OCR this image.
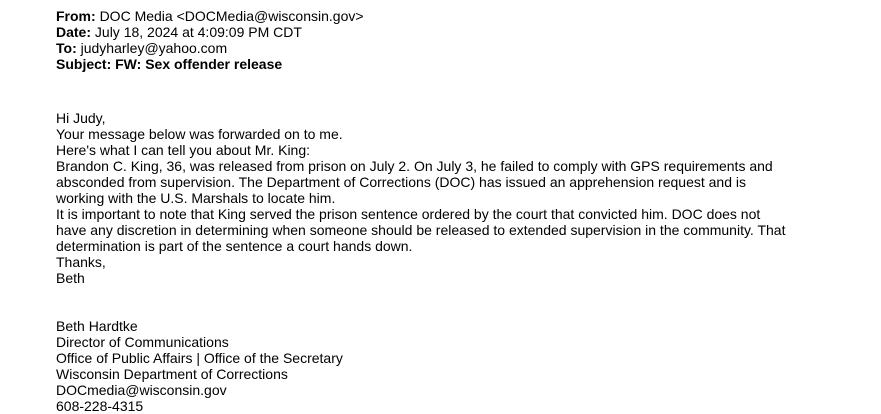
From: DOC Media <DOCMedia@wisconsin.gov>
Date: July 18, 2024 at 4:09:09 PM CDT
To: judyharley@yahoo.com
Subject: FW: Sex offender release
Hi Judy,
Your message below was forwarded on to me.
Here's what I can tell you about Mr. King:
Brandon C. King, 36, was released from prison on July 2. On July 3, he failed to comply with GPS requirements and
absconded from supervision. The Department of Corrections (DOC) has issued an apprehension request and is
working with the U.S. Marshals to locate him.
It is important to note that King served the prison sentence ordered by the court that convicted him. DOC does not
have any discretion in determining when someone should be released to extended supervision in the community. That
determination is part of the sentence a court hands down.
Thanks,
Beth
Beth Hardtke
Director of Communications
Office of Public Affairs | Office of the Secretary
Wisconsin Department of Corrections
DOCmedia@wisconsin.gov
608-228-4315
